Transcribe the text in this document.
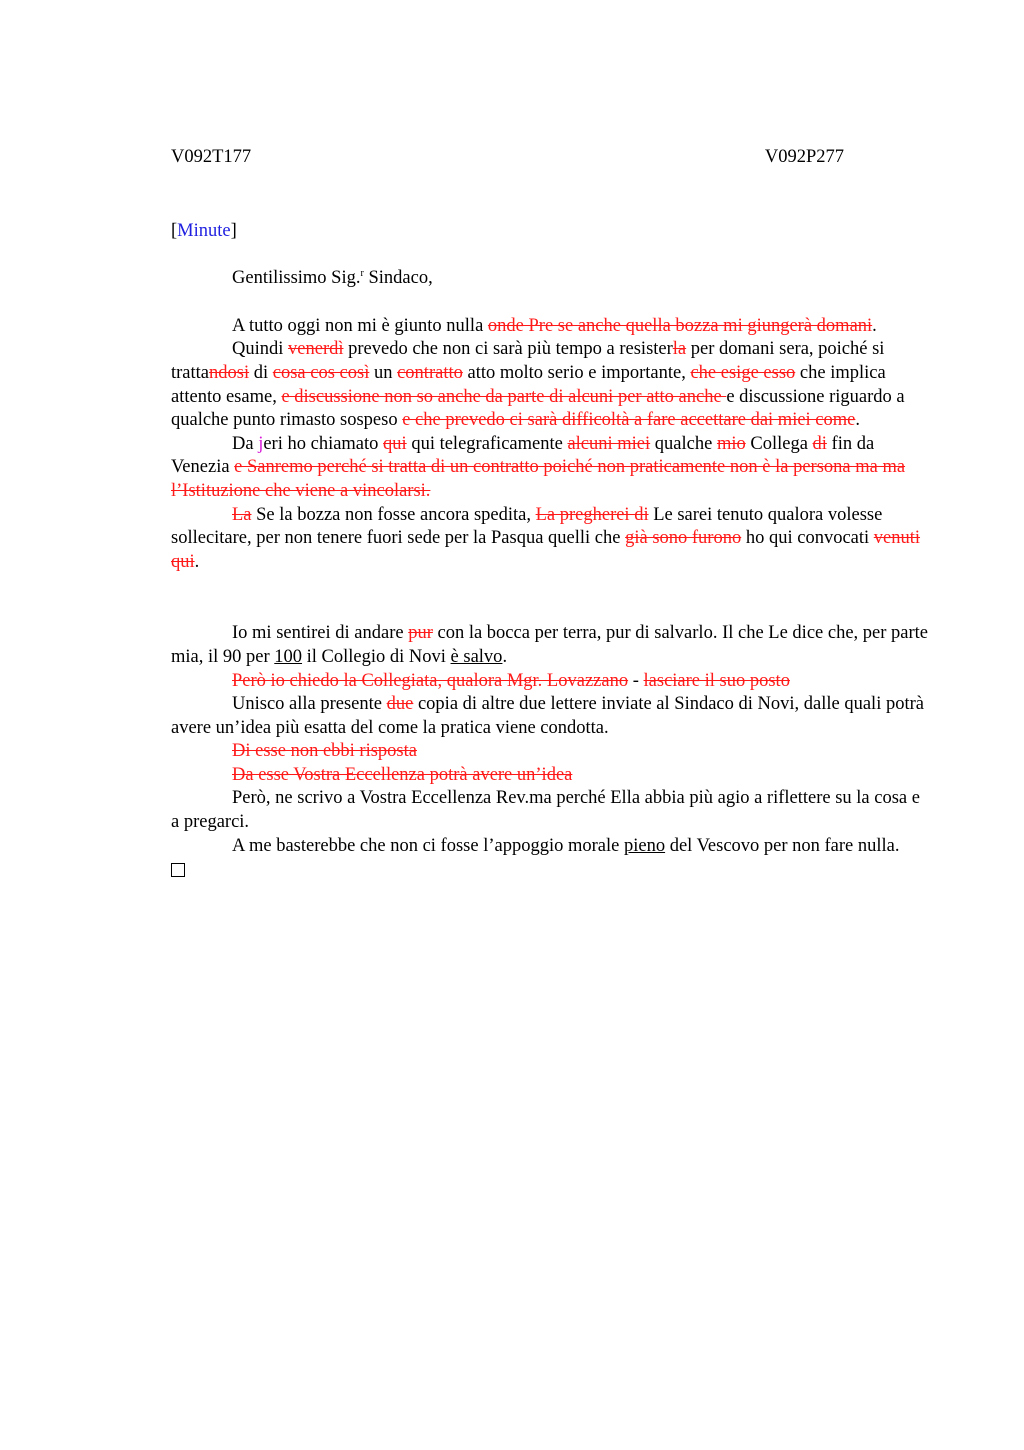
V092T177	V092P277
[Minute]

Gentilissimo Sig.$^r$ Sindaco,

A tutto oggi non mi è giunto nulla onde Pre se anche quella bozza mi giungerà domani.

Quindi venerdì prevedo che non ci sarà più tempo a resisterla per domani sera, poiché si trattandosi di cosa cos così un contratto atto molto serio e importante, che esige esso che implica attento esame, e discussione non so anche da parte di alcuni per atto anche e discussione riguardo a qualche punto rimasto sospeso e che prevedo ci sarà difficoltà a fare accettare dai miei come.

Da jeri ho chiamato qui qui telegraficamente alcuni miei qualche mio Collega di fin da Venezia e Sanremo perché si tratta di un contratto poiché non praticamente non è la persona ma ma l’Istituzione che viene a vincolarsi.

La Se la bozza non fosse ancora spedita, La pregherei di Le sarei tenuto qualora volesse sollecitare, per non tenere fuori sede per la Pasqua quelli che già sono furono ho qui convocati venuti qui.

Io mi sentirei di andare pur con la bocca per terra, pur di salvarlo. Il che Le dice che, per parte mia, il 90 per 100 il Collegio di Novi è salvo.

Però io chiedo la Collegiata, qualora Mgr. Lovazzano - lasciare il suo posto

Unisco alla presente due copia di altre due lettere inviate al Sindaco di Novi, dalle quali potrà avere un’idea più esatta del come la pratica viene condotta.

Di esse non ebbi risposta

Da esse Vostra Eccellenza potrà avere un’idea

Però, ne scrivo a Vostra Eccellenza Rev.ma perché Ella abbia più agio a riflettere su la cosa e a pregarci.

A me basterebbe che non ci fosse l’appoggio morale pieno del Vescovo per non fare nulla.
